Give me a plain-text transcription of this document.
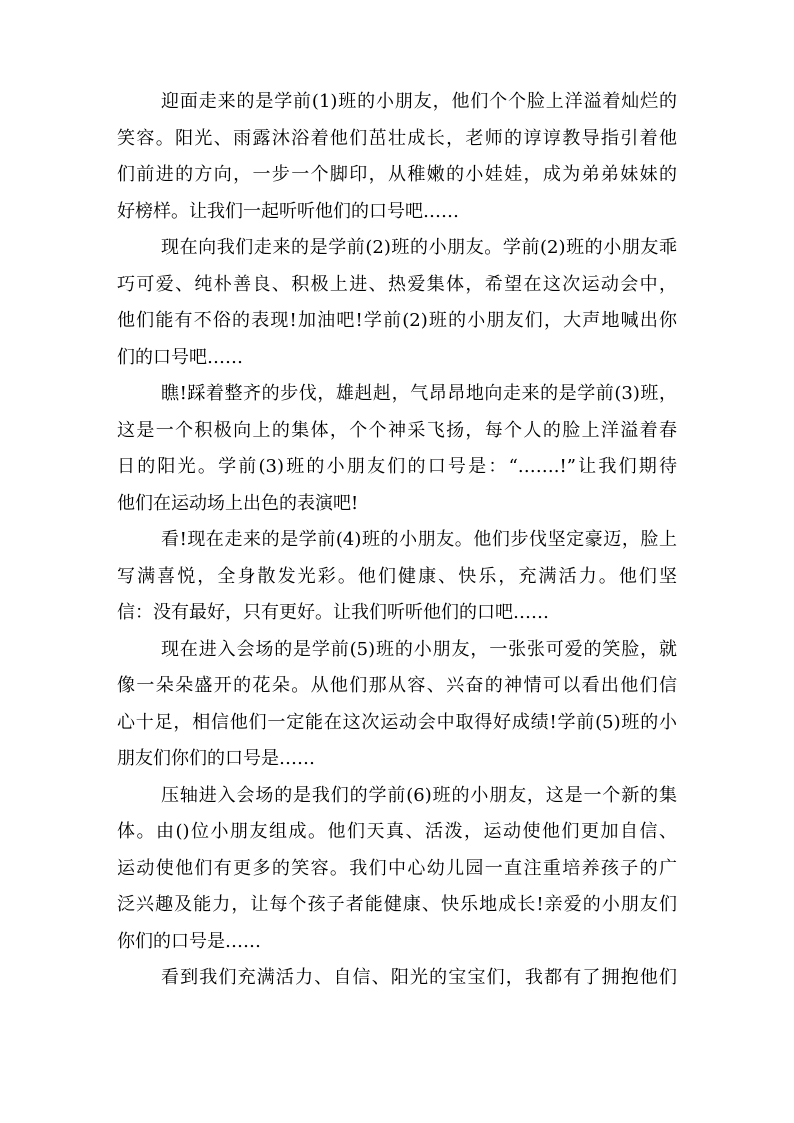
迎面走来的是学前(1)班的小朋友，他们个个脸上洋溢着灿烂的
笑容。阳光、雨露沐浴着他们茁壮成长，老师的谆谆教导指引着他
们前进的方向，一步一个脚印，从稚嫩的小娃娃，成为弟弟妹妹的
好榜样。让我们一起听听他们的口号吧……
现在向我们走来的是学前(2)班的小朋友。学前(2)班的小朋友乖
巧可爱、纯朴善良、积极上进、热爱集体，希望在这次运动会中，
他们能有不俗的表现!加油吧!学前(2)班的小朋友们，大声地喊出你
们的口号吧……
瞧!踩着整齐的步伐，雄赳赳，气昂昂地向走来的是学前(3)班，
这是一个积极向上的集体，个个神采飞扬，每个人的脸上洋溢着春
日的阳光。学前(3)班的小朋友们的口号是：“…….!”让我们期待
他们在运动场上出色的表演吧!
看!现在走来的是学前(4)班的小朋友。他们步伐坚定豪迈，脸上
写满喜悦，全身散发光彩。他们健康、快乐，充满活力。他们坚
信：没有最好，只有更好。让我们听听他们的口吧……
现在进入会场的是学前(5)班的小朋友，一张张可爱的笑脸，就
像一朵朵盛开的花朵。从他们那从容、兴奋的神情可以看出他们信
心十足，相信他们一定能在这次运动会中取得好成绩!学前(5)班的小
朋友们你们的口号是……
压轴进入会场的是我们的学前(6)班的小朋友，这是一个新的集
体。由()位小朋友组成。他们天真、活泼，运动使他们更加自信、
运动使他们有更多的笑容。我们中心幼儿园一直注重培养孩子的广
泛兴趣及能力，让每个孩子者能健康、快乐地成长!亲爱的小朋友们
你们的口号是……
看到我们充满活力、自信、阳光的宝宝们，我都有了拥抱他们
